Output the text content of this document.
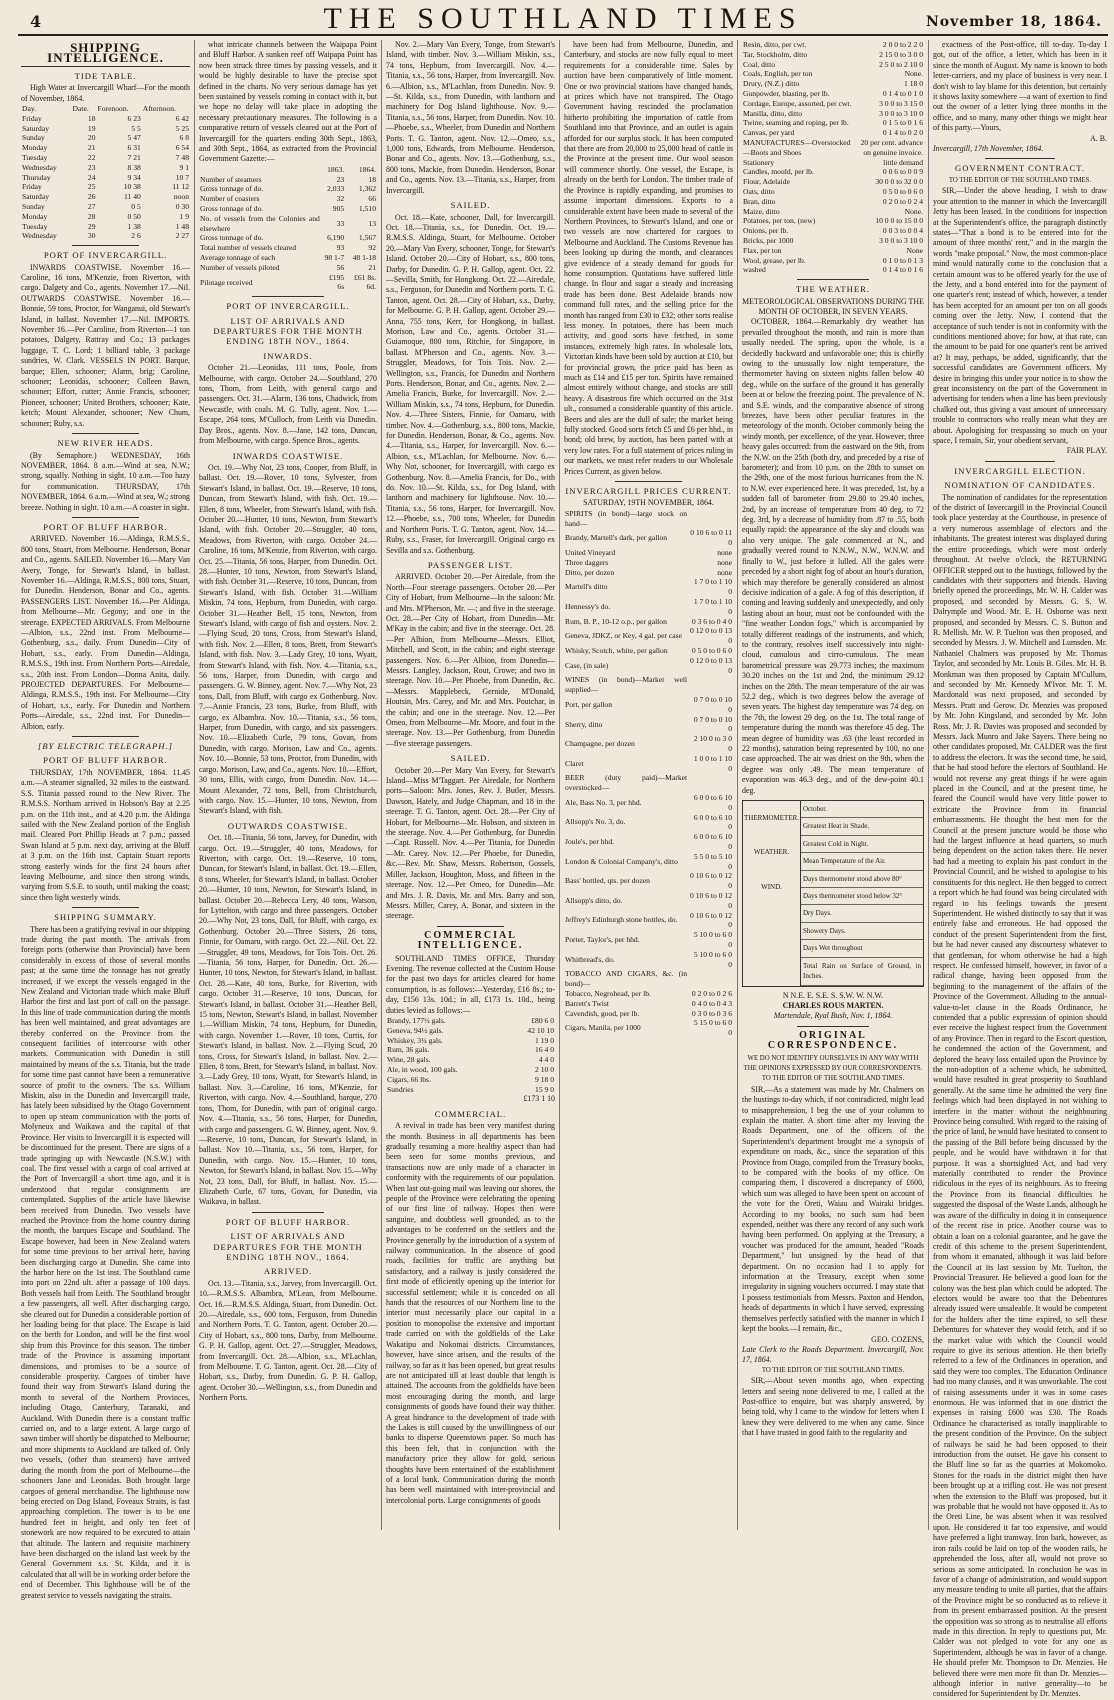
4	THE SOUTHLAND TIMES	November 18, 1864.
SHIPPING INTELLIGENCE.
TIDE TABLE.
High Water at Invercargill Wharf—For the month of November, 1864.
Day.	Date.	Forenoon.	Afternoon.
Friday	18	6 23	6 42
Saturday	19	5 5	5 25
Sunday	20	5 47	6 8
Monday	21	6 31	6 54
Tuesday	22	7 21	7 48
Wednesday	23	8 38	9 1
Thursday	24	9 34	10 7
Friday	25	10 38	11 12
Saturday	26	11 40	noon
Sunday	27	0 5	0 30
Monday	28	0 50	1 9
Tuesday	29	1 38	1 48
Wednesday	30	2 6	2 27
PORT OF INVERCARGILL.
INWARDS COASTWISE. November 16.—Caroline, 16 tons, M'Kenzie, from Riverton, with cargo. Dalgety and Co., agents. November 17.—Nil. OUTWARDS COASTWISE. November 16.—Bonnie, 59 tons, Proctor, for Wanganui, old Stewart's Island, in ballast. November 17.—Nil. IMPORTS. November 16.—Per Caroline, from Riverton—1 ton potatoes, Dalgety, Rattray and Co.; 13 packages luggage, T. C. Lord; 1 billiard table, 3 package sundries, W. Clark. VESSELS IN PORT. Barque, barque; Ellen, schooner; Alarm, brig; Caroline, schooner; Leonidas, schooner; Colleen Bawn, schooner; Effort, cutter; Annie Francis, schooner; Pioneer, schooner; United Brothers, schooner; Kate, ketch; Mount Alexander, schooner; New Chum, schooner; Ruby, s.s.
NEW RIVER HEADS.
(By Semaphore.) WEDNESDAY, 16th NOVEMBER, 1864. 8 a.m.—Wind at sea, N.W.; strong, squally. Nothing in sight. 10 a.m.—Too hazy for communication. THURSDAY, 17th NOVEMBER, 1864. 6 a.m.—Wind at sea, W.; strong breeze. Nothing in sight. 10 a.m.—A coaster in sight.
PORT OF BLUFF HARBOR.
ARRIVED. November 16.—Aldinga, R.M.S.S., 800 tons, Stuart, from Melbourne. Henderson, Bonar and Co., agents. SAILED. November 16.—Mary Van Avery, Tonge, for Stewart's Island, in ballast. November 16.—Aldinga, R.M.S.S., 800 tons, Stuart, for Dunedin. Henderson, Bonar and Co., agents. PASSENGERS LIST. November 16.—Per Aldinga, from Melbourne—Mr. Gegony; and one in the steerage. EXPECTED ARRIVALS. From Melbourne—Albion, s.s., 22nd inst. From Melbourne—Gothenburg, s.s., daily. From Dunedin—City of Hobart, s.s., early. From Dunedin—Aldinga, R.M.S.S., 19th inst. From Northern Ports—Airedale, s.s., 20th inst. From London—Donna Anita, daily. PROJECTED DEPARTURES. For Melbourne—Aldinga, R.M.S.S., 19th inst. For Melbourne—City of Hobart, s.s., early. For Dunedin and Northern Ports—Airedale, s.s., 22nd inst. For Dunedin—Albion, early.
[BY ELECTRIC TELEGRAPH.]
PORT OF BLUFF HARBOR.
THURSDAY, 17th NOVEMBER, 1864. 11.45 a.m.—A steamer signalled, 32 miles to the eastward. S.S. Titania passed round to the New River. The R.M.S.S. Northam arrived in Hobson's Bay at 2.25 p.m. on the 11th inst., and at 4.20 p.m. the Aldinga sailed with the New Zealand portion of the English mail. Cleared Port Phillip Heads at 7 p.m.; passed Swan Island at 5 p.m. next day, arriving at the Bluff at 3 p.m. on the 16th inst. Captain Stuart reports strong easterly winds for the first 24 hours after leaving Melbourne, and since then strong winds, varying from S.S.E. to south, until making the coast; since then light westerly winds.
SHIPPING SUMMARY.
There has been a gratifying revival in our shipping trade during the past month. The arrivals from foreign ports (otherwise than Provincial) have been considerably in excess of those of several months past; at the same time the tonnage has not greatly increased, if we except the vessels engaged in the New Zealand and Victorian trade which make Bluff Harbor the first and last port of call on the passage. In this line of trade communication during the month has been well maintained, and great advantages are thereby conferred on the Province from the consequent facilities of intercourse with other markets. Communication with Dunedin is still maintained by means of the s.s. Titania, but the trade for some time past cannot have been a remunerative source of profit to the owners. The s.s. William Miskin, also in the Dunedin and Invercargill trade, has lately been subsidised by the Otago Government to open up steam communication with the ports of Molyneux and Waikawa and the capital of that Province. Her visits to Invercargill it is expected will be discontinued for the present. There are signs of a trade springing up with Newcastle (N.S.W.) with coal. The first vessel with a cargo of coal arrived at the Port of Invercargill a short time ago, and it is understood that regular consignments are contemplated. Supplies of the article have likewise been received from Dunedin. Two vessels have reached the Province from the home country during the month, the barques Escape and Southland. The Escape however, had been in New Zealand waters for some time previous to her arrival here, having been discharging cargo at Dunedin. She came into the harbor here on the 1st inst. The Southland came into port on 22nd ult. after a passage of 100 days. Both vessels hail from Leith. The Southland brought a few passengers, all well. After discharging cargo, she cleared out for Dunedin a considerable portion of her loading being for that place. The Escape is laid on the berth for London, and will be the first wool ship from this Province for this season. The timber trade of the Province is assuming important dimensions, and promises to be a source of considerable prosperity. Cargoes of timber have found their way from Stewart's Island during the month to several of the Northern Provinces, including Otago, Canterbury, Taranaki, and Auckland. With Dunedin there is a constant traffic carried on, and to a large extent. A large cargo of sawn timber will shortly be dispatched to Melbourne; and more shipments to Auckland are talked of. Only two vessels, (other than steamers) have arrived during the month from the port of Melbourne—the schooners Jane and Leonidas. Both brought large cargoes of general merchandise. The lighthouse now being erected on Dog Island, Foveaux Straits, is fast approaching completion. The tower is to be one hundred feet in height, and only ten feet of stonework are now required to be executed to attain that altitude. The lantern and requisite machinery have been discharged on the island last week by the General Government s.s. St. Kilda, and it is calculated that all will be in working order before the end of December. This lighthouse will be of the greatest service to vessels navigating the straits.
what intricate channels between the Waipapa Point and Bluff Harbor. A sunken reef off Waipapa Point has now been struck three times by passing vessels, and it would be highly desirable to have the precise spot defined in the charts. No very serious damage has yet been sustained by vessels coming in contact with it, but we hope no delay will take place in adopting the necessary precautionary measures. The following is a comparative return of vessels cleared out at the Port of Invercargill for the quarters ending 30th Sept., 1863, and 30th Sept., 1864, as extracted from the Provincial Government Gazette:—
	1863.	1864.
Number of steamers	23	18
Gross tonnage of do.	2,033	1,362
Number of coasters	32	66
Gross tonnage of do.	905	1,510
No. of vessels from the Colonies and elsewhere	33	13
Gross tonnage of do.	6,190	1,567
Total number of vessels cleared	93	92
Average tonnage of each	98 1-7	48 1-18
Number of vessels piloted	56	21
Pilotage received	£195 6s	£61 8s. 6d.
PORT OF INVERCARGILL.
LIST OF ARRIVALS AND DEPARTURES FOR THE MONTH ENDING 18TH NOV., 1864.
INWARDS.
October 21.—Leonidas, 111 tons, Poole, from Melbourne, with cargo. October 24.—Southland, 270 tons, Thom, from Leith, with general cargo and passengers. Oct. 31.—Alarm, 136 tons, Chadwick, from Newcastle, with coals. M. G. Tully, agent. Nov. 1.—Escape, 264 tons, M'Culloch, from Leith via Dunedin. Day Bros., agents. Nov. 8.—Jane, 142 tons, Duncan, from Melbourne, with cargo. Spence Bros., agents.
INWARDS COASTWISE.
Oct. 19.—Why Not, 23 tons, Cooper, from Bluff, in ballast. Oct. 19.—Rover, 10 tons, Sylvester, from Stewart's Island, in ballast. Oct. 19.—Reserve, 10 tons, Duncan, from Stewart's Island, with fish. Oct. 19.—Ellen, 8 tons, Wheeler, from Stewart's Island, with fish. October 20.—Hunter, 10 tons, Newton, from Stewart's Island, with fish. October 20.—Struggler, 40 tons, Meadows, from Riverton, with cargo. October 24.—Caroline, 16 tons, M'Kenzie, from Riverton, with cargo. Oct. 25.—Titania, 56 tons, Harper, from Dunedin. Oct. 28.—Hunter, 10 tons, Newton, from Stewart's Island, with fish. October 31.—Reserve, 10 tons, Duncan, from Stewart's Island, with fish. October 31.—William Miskin, 74 tons, Hepburn, from Dunedin, with cargo. October 31.—Heather Bell, 15 tons, Newton, from Stewart's Island, with cargo of fish and oysters. Nov. 2.—Flying Scud, 20 tons, Cross, from Stewart's Island, with fish. Nov. 2.—Ellen, 8 tons, Brett, from Stewart's Island, with fish. Nov. 3.—Lady Grey, 10 tons, Wyatt, from Stewart's Island, with fish. Nov. 4.—Titania, s.s., 56 tons, Harper, from Dunedin, with cargo and passengers. G. W. Binney, agent. Nov. 7.—Why Not, 23 tons, Dall, from Bluff, with cargo ex Gothenburg. Nov. 7.—Annie Francis, 23 tons, Burke, from Bluff, with cargo, ex Albambra. Nov. 10.—Titania, s.s., 56 tons, Harper, from Dunedin, with cargo, and six passengers. Nov. 10.—Elizabeth Curle, 79 tons, Govan, from Dunedin, with cargo. Morison, Law and Co., agents. Nov. 10.—Bonnie, 53 tons, Proctor, from Dunedin, with cargo. Morison, Law, and Co., agents. Nov. 10.—Effort, 30 tons, Ellis, with cargo, from Dunedin. Nov. 14.—Mount Alexander, 72 tons, Bell, from Christchurch, with cargo. Nov. 15.—Hunter, 10 tons, Newton, from Stewart's Island, with fish.
OUTWARDS COASTWISE.
Oct. 18.—Titania, 56 tons, Jarvey, for Dunedin, with cargo. Oct. 19.—Struggler, 40 tons, Meadows, for Riverton, with cargo. Oct. 19.—Reserve, 10 tons, Duncan, for Stewart's Island, in ballast. Oct. 19.—Ellen, 8 tons, Wheeler, for Stewart's Island, in ballast. October 20.—Hunter, 10 tons, Newton, for Stewart's Island, in ballast. October 20.—Rebecca Lery, 40 tons, Watson, for Lyttelton, with cargo and three passengers. October 20.—Why Not, 23 tons, Dall, for Bluff, with cargo, ex Gothenburg. October 20.—Three Sisters, 26 tons, Finnie, for Oamaru, with cargo. Oct. 22.—Nil. Oct. 22.—Struggler, 49 tons, Meadows, for Tois Tois. Oct. 26.—Titania, 56 tons, Harper, for Dunedin. Oct. 26.—Hunter, 10 tons, Newton, for Stewart's Island, in ballast. Oct. 28.—Kate, 40 tons, Burke, for Riverton, with cargo. October 31.—Reserve, 10 tons, Duncan, for Stewart's Island, in ballast. October 31.—Heather Bell, 15 tons, Newton, Stewart's Island, in ballast. November 1.—William Miskin, 74 tons, Hepburn, for Dunedin, with cargo. November 1.—Rover, 10 tons, Curtis, for Stewart's Island, in ballast. Nov. 2.—Flying Scud, 20 tons, Cross, for Stewart's Island, in ballast. Nov. 2.—Ellen, 8 tons, Brett, for Stewart's Island, in ballast. Nov. 3.—Lady Grey, 10 tons, Wyatt, for Stewart's Island, in ballast. Nov. 3.—Caroline, 16 tons, M'Kenzie, for Riverton, with cargo. Nov. 4.—Southland, barque, 270 tons, Thom, for Dunedin, with part of original cargo. Nov. 4.—Titania, s.s., 56 tons, Harper, for Dunedin, with cargo and passengers. G. W. Binney, agent. Nov. 9.—Reserve, 10 tons, Duncan, for Stewart's Island, in ballast. Nov 10.—Titania, s.s., 56 tons, Harper, for Dunedin, with cargo. Nov. 15.—Hunter, 10 tons, Newton, for Stewart's Island, in ballast. Nov. 15.—Why Not, 23 tons, Dall, for Bluff, in ballast. Nov. 15.—Elizabeth Curle, 67 tons, Govan, for Dunedin, via Waikava, in ballast.
PORT OF BLUFF HARBOR.
LIST OF ARRIVALS AND DEPARTURES FOR THE MONTH ENDING 18TH NOV., 1864.
ARRIVED.
Oct. 13.—Titania, s.s., Jarvey, from Invercargill. Oct. 10.—R.M.S.S. Albambra, M'Lean, from Melbourne. Oct. 16.—R.M.S.S. Aldinga, Stuart, from Dunedin. Oct. 20.—Airedale, s.s., 600 tons, Ferguson, from Dunedin and Northern Ports. T. G. Tanton, agent. October 20.—City of Hobart, s.s., 800 tons, Darby, from Melbourne. G. P. H. Gallop, agent. Oct. 27.—Struggler, Meadows, from Invercargill. Oct. 28.—Albion, s.s., M'Lachlan, from Melbourne. T. G. Tanton, agent. Oct. 28.—City of Hobart, s.s., Darby, from Dunedin. G. P. H. Gallop, agent. October 30.—Wellington, s.s., from Dunedin and Northern Ports.
Nov. 2.—Mary Van Every, Tonge, from Stewart's Island, with timber. Nov. 3.—William Miskin, s.s., 74 tons, Hepburn, from Invercargill. Nov. 4.—Titania, s.s., 56 tons, Harper, from Invercargill. Nov. 6.—Albion, s.s., M'Lachlan, from Dunedin. Nov. 9.—St. Kilda, s.s., from Dunedin, with lanthorn and machinery for Dog Island lighthouse. Nov. 9.—Titania, s.s., 56 tons, Harper, from Dunedin. Nov. 10.—Phoebe, s.s., Wheeler, from Dunedin and Northern Ports. T. G. Tanton, agent. Nov. 12.—Omeo, s.s., 1,000 tons, Edwards, from Melbourne. Henderson, Bonar and Co., agents. Nov. 13.—Gothenburg, s.s., 800 tons, Mackie, from Dunedin. Henderson, Bonar and Co., agents. Nov. 13.—Titania, s.s., Harper, from Invercargill.
SAILED.
Oct. 18.—Kate, schooner, Dall, for Invercargill. Oct. 18.—Titania, s.s., for Dunedin. Oct. 19.—R.M.S.S. Aldinga, Stuart, for Melbourne. October 20.—Mary Van Every, schooner, Tonge, for Stewart's Island. October 20.—City of Hobart, s.s., 800 tons, Darby, for Dunedin. G. P. H. Gallop, agent. Oct. 22.—Sevilla, Smith, for Hongkong. Oct. 22.—Airedale, s.s., Ferguson, for Dunedin and Northern ports. T. G. Tanton, agent. Oct. 28.—City of Hobart, s.s., Darby, for Melbourne. G. P. H. Gallop, agent. October 29.—Anna, 755 tons, Kerr, for Hongkong, in ballast. Morison, Law and Co., agents. October 31.—Guiamoque, 800 tons, Ritchie, for Singapore, in ballast. M'Pherson and Co., agents. Nov. 3.—Struggler, Meadows, for Tois Tois. Nov. 2.—Wellington, s.s., Francis, for Dunedin and Northern Ports. Henderson, Bonar, and Co., agents. Nov. 2.—Amelia Francis, Burke, for Invercargill. Nov. 2.—William Miskin, s.s., 74 tons, Hepburn, for Dunedin. Nov. 4.—Three Sisters, Finnie, for Oamaru, with timber. Nov. 4.—Gothenburg, s.s., 800 tons, Mackie, for Dunedin. Henderson, Bonar, & Co., agents. Nov. 4.—Titania, s.s., Harper, for Invercargill. Nov. 6.—Albion, s.s., M'Lachlan, for Melbourne. Nov. 6.—Why Not, schooner, for Invercargill, with cargo ex Gothenburg. Nov. 8.—Amelia Francis, for Do., with do. Nov. 10.—St. Kilda, s.s., for Dog Island, with lanthorn and machinery for lighthouse. Nov. 10.—Titania, s.s., 56 tons, Harper, for Invercargill. Nov. 12.—Phoebe, s.s., 700 tons, Wheeler, for Dunedin and Northern Ports. T. G. Tanton, agent. Nov. 14.—Ruby, s.s., Fraser, for Invercargill. Original cargo ex Sevilla and s.s. Gothenburg.
PASSENGER LIST.
ARRIVED. October 20.—Per Airedale, from the North—Four steerage passengers. October 20.—Per City of Hobart, from Melbourne—In the saloon: Mr. and Mrs. M'Pherson, Mr. —; and five in the steerage. Oct. 28.—Per City of Hobart, from Dunedin—Mr. M'Kay in the cabin; and five in the steerage. Oct. 28.—Per Albion, from Melbourne—Messrs. Elliot, Mitchell, and Scott, in the cabin; and eight steerage passengers. Nov. 6.—Per Albion, from Dunedin—Messrs. Langley, Jackson, Rout, Crowe; and two in steerage. Nov. 10.—Per Phoebe, from Dunedin, &c.—Messrs. Mapplebeck, Gernide, M'Donald, Houtsin, Mrs. Carey, and Mr. and Mrs. Poutchar, in the cabin; and one in the steerage. Nov. 12.—Per Omeo, from Melbourne—Mr. Moore, and four in the steerage. Nov. 13.—Per Gothenburg, from Dunedin—five steerage passengers.
SAILED.
October 20.—Per Mary Van Every, for Stewart's Island—Miss M'Taggart. Per Airedale, for Northern ports—Saloon: Mrs. Jones, Rev. J. Butler, Messrs. Dawson, Hately, and Judge Chapman, and 18 in the steerage. T. G. Tanton, agent. Oct. 28.—Per City of Hobart, for Melbourne—Mr. Hobson, and sixteen in the steerage. Nov. 4.—Per Gothenburg, for Dunedin—Capt. Russell. Nov. 4.—Per Titania, for Dunedin—Mr. Carey. Nov. 12.—Per Phoebe, for Dunedin, &c.—Rev. Mr. Shaw, Messrs. Robertson, Gossels, Miller, Jackson, Houghton, Moss, and fifteen in the steerage. Nov. 12.—Per Omeo, for Dunedin—Mr. and Mrs. J. R. Davis, Mr. and Mrs. Barry and son, Messrs. Miller, Carey, A. Bonar, and sixteen in the steerage.
COMMERCIAL INTELLIGENCE.
SOUTHLAND TIMES OFFICE, Thursday Evening. The revenue collected at the Custom House for the past two days for articles cleared for home consumption, is as follows:—Yesterday, £16 8s.; to-day, £156 13s. 10d.; in all, £173 1s. 10d., being duties levied as follows:—
Brandy, 177½ gals.	£80 6 0
Geneva, 94½ gals.	42 10 10
Whiskey, 3¼ gals.	1 19 0
Rum, 36 gals.	16 4 0
Wine, 28 gals.	4 4 0
Ale, in wood, 100 gals.	2 10 0
Cigars, 66 lbs.	9 18 0
Sundries	15 9 0
£173 1 10
COMMERCIAL.
A revival in trade has been very manifest during the month. Business in all departments has been gradually resuming a more healthy aspect than had been seen for some months previous, and transactions now are only made of a character in conformity with the requirements of our population. When last out-going mail was leaving our shores, the people of the Province were celebrating the opening of our first line of railway. Hopes then were sanguine, and doubtless well grounded, as to the advantages to be conferred on the settlers and the Province generally by the introduction of a system of railway communication. In the absence of good roads, facilities for traffic are anything but satisfactory, and a railway is justly considered the first mode of efficiently opening up the interior for successful settlement; while it is conceded on all hands that the resources of our Northern line to the interior must necessarily place our capital in a position to monopolise the extensive and important trade carried on with the goldfields of the Lake Wakatipu and Nokomai districts. Circumstances, however, have since arisen, and the results of the railway, so far as it has been opened, but great results are not anticipated till at least double that length is attained. The accounts from the goldfields have been most encouraging during the month, and large consignments of goods have found their way thither. A great hindrance to the development of trade with the Lakes is still caused by the unwillingness of our banks to disperse Queenstown paper. So much has this been felt, that in conjunction with the manufactory price they allow for gold, serious thoughts have been entertained of the establishment of a local bank. Communication during the month has been well maintained with inter-provincial and intercolonial ports. Large consignments of goods
have been had from Melbourne, Dunedin, and Canterbury, and stocks are now fully equal to meet requirements for a considerable time. Sales by auction have been comparatively of little moment. One or two provincial stations have changed hands, at prices which have not transpired. The Otago Government having rescinded the proclamation hitherto prohibiting the importation of cattle from Southland into that Province, and an outlet is again afforded for our surplus stock. It has been computed that there are from 20,000 to 25,000 head of cattle in the Province at the present time. Our wool season will commence shortly. One vessel, the Escape, is already on the berth for London. The timber trade of the Province is rapidly expanding, and promises to assume important dimensions. Exports to a considerable extent have been made to several of the Northern Provinces, to Stewart's Island, and one or two vessels are now chartered for cargoes to Melbourne and Auckland. The Customs Revenue has been looking up during the month, and clearances give evidence of a steady demand for goods for home consumption. Quotations have suffered little change. In flour and sugar a steady and increasing trade has been done. Best Adelaide brands now command full rates, and the selling price for the month has ranged from £30 to £32; other sorts realise less money. In potatoes, there has been much activity, and good sorts have fetched, in some instances, extremely high rates. In wholesale lots, Victorian kinds have been sold by auction at £10, but for provincial grown, the price paid has been as much as £14 and £15 per ton. Spirits have remained almost entirely without change, and stocks are still heavy. A disastrous fire which occurred on the 31st ult., consumed a considerable quantity of this article. Beers and ales are the dull of sale; the market being fully stocked. Good sorts fetch £5 and £6 per hhd., in bond; old brew, by auction, has been parted with at very low rates. For a full statement of prices ruling in our markets, we must refer readers to our Wholesale Prices Current, as given below.
INVERCARGILL PRICES CURRENT.
SATURDAY, 19TH NOVEMBER, 1864.
SPIRITS (in bond)—large stock on hand—	
Brandy, Martell's dark, per gallon	0 10 6 to 0 11 0
United Vineyard	none
Three daggers	none
Ditto, per dozen	none
Martell's ditto	1 7 0 to 1 10 0
Hennessy's do.	1 7 0 to 1 10 0
Rum, B. P., 10-12 o.p., per gallon	0 3 6 to 0 4 0
Geneva, JDKZ, or Key, 4 gal. per case	0 12 0 to 0 13 0
Whisky, Scotch, white, per gallon	0 5 0 to 0 6 0
Case, (in sale)	0 12 0 to 0 13 0
WINES (in bond)—Market well supplied—	
Port, per gallon	0 7 0 to 0 10 0
Sherry, ditto	0 7 0 to 0 10 0
Champagne, per dozen	2 10 0 to 3 0 0
Claret	1 0 0 to 1 10 0
BEER (duty paid)—Market overstocked—	
Ale, Bass No. 3, per hhd.	6 0 0 to 6 10 0
Allsopp's No. 3, do.	6 0 0 to 6 10 0
Joule's, per hhd.	6 0 0 to 6 10 0
London & Colonial Company's, ditto	5 5 0 to 5 10 0
Bass' bottled, qts. per dozen	0 10 6 to 0 12 0
Allsopp's ditto, do.	0 10 6 to 0 12 0
Jeffrey's Edinburgh stone bottles, do.	0 10 6 to 0 12 0
Porter, Taylor's, per hhd.	5 10 0 to 6 0 0
Whitbread's, do.	5 10 0 to 6 0 0
TOBACCO AND CIGARS, &c. (in bond)—	
Tobacco, Negrohead, per lb.	0 2 0 to 0 2 6
Barrett's Twist	0 4 0 to 0 4 3
Cavendish, good, per lb.	0 3 0 to 0 3 6
Cigars, Manila, per 1000	5 15 0 to 6 0 0
Resin, ditto, per cwt.	2 0 0 to 2 2 0
Tar, Stockholm, ditto	2 15 0 to 3 0 0
Coal, ditto	2 5 0 to 2 10 0
Coals, English, per ton	None.
Drury, (N.Z.) ditto	1 18 0
Gunpowder, blasting, per lb.	0 1 4 to 0 1 0
Cordage, Europe, assorted, per cwt.	3 0 0 to 3 15 0
Manilla, ditto, ditto	3 0 0 to 3 10 0
Twine, seaming and roping, per lb.	0 1 5 to 0 1 6
Canvas, per yard	0 1 4 to 0 2 0
MANUFACTURES—Overstocked—Boots and Shoes	20 per cent. advance on genuine invoice.
Stationery	little demand
Candles, mould, per lb.	0 0 6 to 0 0 9
Flour, Adelaide	30 0 0 to 32 0 0
Oats, ditto	0 5 0 to 0 6 0
Bran, ditto	0 2 0 to 0 2 4
Maize, ditto	None.
Potatoes, per ton, (new)	10 0 0 to 15 0 0
Onions, per lb.	0 0 3 to 0 0 4
Bricks, per 1000	3 0 0 to 3 10 0
Flax, per ton	None
Wool, grease, per lb.	0 1 0 to 0 1 3
washed	0 1 4 to 0 1 6
THE WEATHER.
METEOROLOGICAL OBSERVATIONS DURING THE MONTH OF OCTOBER, IN SEVEN YEARS.
OCTOBER, 1864.—Remarkably dry weather has prevailed throughout the month, and rain is more than usually needed. The spring, upon the whole, is a decidedly backward and unfavorable one; this is chiefly owing to the unusually low night temperature, the thermometer having on sixteen nights fallen below 40 deg., while on the surface of the ground it has generally been at or below the freezing point. The prevalence of N. and S.E. winds, and the comparative absence of strong breezes, have been other peculiar features in the meteorology of the month. October commonly being the windy month, per excellence, of the year. However, three heavy gales occurred: from the eastward on the 9th, from the N.W. on the 25th (both dry, and preceded by a rise of barometer); and from 10 p.m. on the 28th to sunset on the 29th, one of the most furious hurricanes from the N. to N.W. ever experienced here. It was preceded, 1st, by a sudden fall of barometer from 29.80 to 29.40 inches, 2nd, by an increase of temperature from 40 deg. to 72 deg. 3rd, by a decrease of humidity from .87 to .55, both equally rapid: the appearance of the sky and clouds was also very unique. The gale commenced at N., and gradually veered round to N.N.W., N.W., W.N.W. and finally to W., just before it lulled. All the gales were preceded by a short night fog of about an hour's duration, which may therefore be generally considered an almost decisive indication of a gale. A fog of this description, if coming and leaving suddenly and unexpectedly, and only lasting about an hour, must not be confounded with the "fine weather London fogs," which is accompanied by totally different readings of the instruments, and which, to the contrary, resolves itself successively into night-cloud, cumulous and cirro-cumulous. The mean barometrical pressure was 29.773 inches; the maximum 30.20 inches on the 1st and 2nd, the minimum 29.12 inches on the 28th. The mean temperature of the air was 52.2 deg., which is two degrees below the average of seven years. The highest day temperature was 74 deg. on the 7th, the lowest 29 deg. on the 1st. The total range of temperature during the month was therefore 45 deg. The mean degree of humidity was .63 (the least recorded in 22 months), saturation being represented by 100, no one case approached. The air was driest on the 9th, when the degree was only .49. The mean temperature of evaporation was 46.3 deg., and of the dew-point 40.1 deg.
THERMOMETER.
WEATHER.
WIND.
October.
Greatest Heat in Shade.
Greatest Cold in Night.
Mean Temperature of the Air.
Days thermometer stood above 80°
Days thermometer stood below 32°
Dry Days.
Showery Days.
Days Wet throughout
Total Rain on Surface of Ground, in Inches.
N N.E. E. S.E. S. S.W. W. N.W.
CHARLES ROUS MARTEN.
Martendale, Ryal Bush, Nov. 1, 1864.
ORIGINAL CORRESPONDENCE.
WE DO NOT IDENTIFY OURSELVES IN ANY WAY WITH THE OPINIONS EXPRESSED BY OUR CORRESPONDENTS.
TO THE EDITOR OF THE SOUTHLAND TIMES.
SIR,—As a statement was made by Mr. Chalmers on the hustings to-day which, if not contradicted, might lead to misapprehension, I beg the use of your columns to explain the matter. A short time after my leaving the Roads Department, one of the officers of the Superintendent's department brought me a synopsis of expenditure on roads, &c., since the separation of this Province from Otago, compiled from the Treasury books, to be compared with the books of my office. On comparing them, I discovered a discrepancy of £600, which sum was alleged to have been spent on account of the vote for the Oreti, Waiau and Wairaki bridges. According to my books, no such sum had been expended, neither was there any record of any such work having been performed. On applying at the Treasury, a voucher was produced for the amount, headed "Roads Department," but unsigned by the head of that department. On no occasion had I to apply for information at the Treasury, except when some irregularity in signing vouchers occurred. I may state that I possess testimonials from Messrs. Paxton and Hendon, heads of departments in which I have served, expressing themselves perfectly satisfied with the manner in which I kept the books.—I remain, &c.,
GEO. COZENS,
Late Clerk to the Roads Department. Invercargill, Nov. 17, 1864.
TO THE EDITOR OF THE SOUTHLAND TIMES.
SIR,—About seven months ago, when expecting letters and seeing none delivered to me, I called at the Post-office to enquire, but was sharply answered, by being told, why I came to the window for letters when I knew they were delivered to me when any came. Since that I have trusted in good faith to the regularity and
exactness of the Post-office, till to-day. To-day I got, out of the office, a letter, which has been in it since the month of August. My name is known to both letter-carriers, and my place of business is very near. I don't wish to lay blame for this detention, but certainly it shows laxity somewhere —a want of exertion to find out the owner of a letter lying three months in the office, and so many, many other things we might hear of this party.—Yours,
A. B.
Invercargill, 17th November, 1864.
GOVERNMENT CONTRACT.
TO THE EDITOR OF THE SOUTHLAND TIMES.
SIR,—Under the above heading, I wish to draw your attention to the manner in which the Invercargill Jetty has been leased. In the conditions for inspection at the Superintendent's office, the paragraph distinctly states—"That a bond is to be entered into for the amount of three months' rent," and in the margin the words "make proposal." Now, the most common-place mind would naturally come to the conclusion that a certain amount was to be offered yearly for the use of the Jetty, and a bond entered into for the payment of one quarter's rent; instead of which, however, a tender has been accepted for an amount per ton on all goods coming over the Jetty. Now, I contend that the acceptance of such tender is not in conformity with the conditions mentioned above; for how, at that rate, can the amount to be paid for one quarter's rent be arrived at? It may, perhaps, be added, significantly, that the successful candidates are Government officers. My desire in bringing this under your notice is to show the great inconsistency on the part of the Government in advertising for tenders when a line has been previously chalked out, thus giving a vast amount of unnecessary trouble to contractors who really mean what they are about. Apologising for trespassing so much on your space, I remain, Sir, your obedient servant,
FAIR PLAY.
INVERCARGILL ELECTION.
NOMINATION OF CANDIDATES.
The nomination of candidates for the representation of the district of Invercargill in the Provincial Council took place yesterday at the Courthouse, in presence of a very numerous assemblage of electors and the inhabitants. The greatest interest was displayed during the entire proceedings, which were most orderly throughout. At twelve o'clock, the RETURNING OFFICER stepped out to the hustings, followed by the candidates with their supporters and friends. Having briefly opened the proceedings, Mr. W. H. Calder was proposed, and seconded by Messrs. G. S. W. Dalrymple and Wood. Mr. E. H. Osborne was next proposed, and seconded by Messrs. C. S. Button and R. Mellish. Mr. W. P. Tuelton was then proposed, and seconded by Messrs. J. W. Mitchell and Lumsden. Mr. Nathaniel Chalmers was proposed by Mr. Thomas Taylor, and seconded by Mr. Louis B. Giles. Mr. H. B. Monkman was then proposed by Captain M'Cullum, and seconded by Mr. Kennedy M'Ivor. Mr. T. M. Macdonald was next proposed, and seconded by Messrs. Pratt and Gerow. Dr. Menzies was proposed by Mr. John Kingsland, and seconded by Mr. John Ross. Mr. J. R. Davies was proposed and seconded by Messrs. Jack Munro and Jake Sayers. There being no other candidates proposed, Mr. CALDER was the first to address the electors. It was the second time, he said, that he had stood before the electors of Southland. He would not reverse any great things if he were again placed in the Council, and at the present time, he feared the Council would have very little power to extricate the Province from its financial embarrassments. He thought the best men for the Council at the present juncture would be those who had the largest influence at head quarters, so much being dependent on the action taken there. He never had had a meeting to explain his past conduct in the Provincial Council, and he wished to apologise to his constituents for this neglect. He then begged to correct a report which he had found was being circulated with regard to his feelings towards the present Superintendent. He wished distinctly to say that it was entirely false and erroneous. He had opposed the conduct of the present Superintendent from the first, but he had never caused any discourtesy whatever to that gentleman, for whom otherwise he had a high respect. He confessed himself, however, in favor of a radical change, having been opposed from the beginning to the management of the affairs of the Province of the Government. Alluding to the annual-value-to-let clause in the Roads Ordinance, he contended that a public expression of opinion should ever receive the highest respect from the Government of any Province. Then in regard to the Escort question, he condemned the action of the Government, and deplored the heavy loss entailed upon the Province by the non-adoption of a scheme which, he submitted, would have resulted in great prosperity to Southland generally. At the same time he admitted the very fine feelings which had been displayed in not wishing to interfere in the matter without the neighbouring Province being consulted. With regard to the raising of the price of land, he would have hesitated to consent to the passing of the Bill before being discussed by the people, and he would have withdrawn it for that purpose. It was a shortsighted Act, and had very materially contributed to render the Province ridiculous in the eyes of its neighbours. As to freeing the Province from its financial difficulties he suggested the disposal of the Waste Lands, although he was aware of the difficulty in doing it in consequence of the recent rise in price. Another course was to obtain a loan on a colonial guarantee, and he gave the credit of this scheme to the present Superintendent, from whom it emanated, although it was laid before the Council at its last session by Mr. Tuelton, the Provincial Treasurer. He believed a good loan for the colony was the best plan which could be adopted. The electors would be aware too that the Debentures already issued were unsaleable. It would be competent for the holders after the time expired, to sell these Debentures for whatever they would fetch, and if so the market value with which the Council would require to give its serious attention. He then briefly referred to a few of the Ordinances in operation, and said they were too complex. The Education Ordinance had too many clauses, and it was unworkable. The cost of raising assessments under it was in some cases enormous. He was informed that in one district the expenses in raising £600 was £30. The Roads Ordinance he characterised as totally inapplicable to the present condition of the Province. On the subject of railways he said he had been opposed to their introduction from the outset. He gave his consent to the Bluff line so far as the quarries at Mokomoko. Stones for the roads in the district might then have been brought up at a trifling cost. He was not present when the extension to the Bluff was proposed, but it was probable that he would not have opposed it. As to the Oreti Line, he was absent when it was resolved upon. He considered it far too expensive, and would have preferred a light tramway. Iron bark, however, as iron rails could be laid on top of the wooden rails, he apprehended the loss, after all, would not prove so serious as some anticipated. In conclusion he was in favor of a change of administration, and would support any measure tending to unite all parties, that the affairs of the Province might be so conducted as to relieve it from its present embarrassed position. At the present the opposition was so strong as to neutralise all efforts made in this direction. In reply to questions put, Mr. Calder was not pledged to vote for any one as Superintendent, although he was in favor of a change. He should prefer Mr. Thompson to Dr. Menzies. He believed there were men more fit than Dr. Menzies—although inferior in native generality—to be considered for Superintendent by Dr. Menzies.
